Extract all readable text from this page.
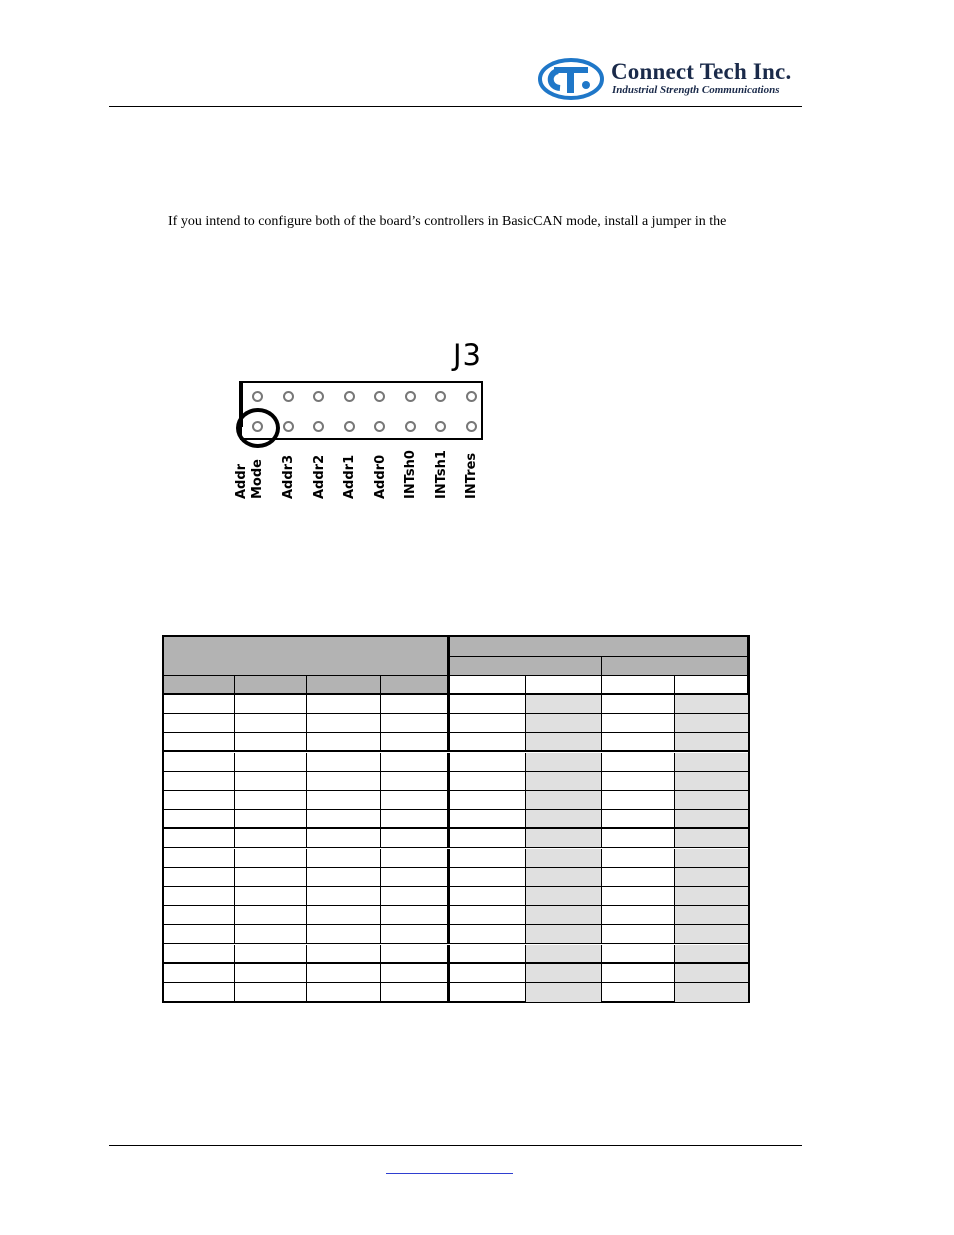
Connect Tech Inc.
Industrial Strength Communications
If you intend to configure both of the board’s controllers in BasicCAN mode, install a jumper in the
J3
Addr Mode Addr3 Addr2 Addr1 Addr0 INTsh0 INTsh1 INTres
